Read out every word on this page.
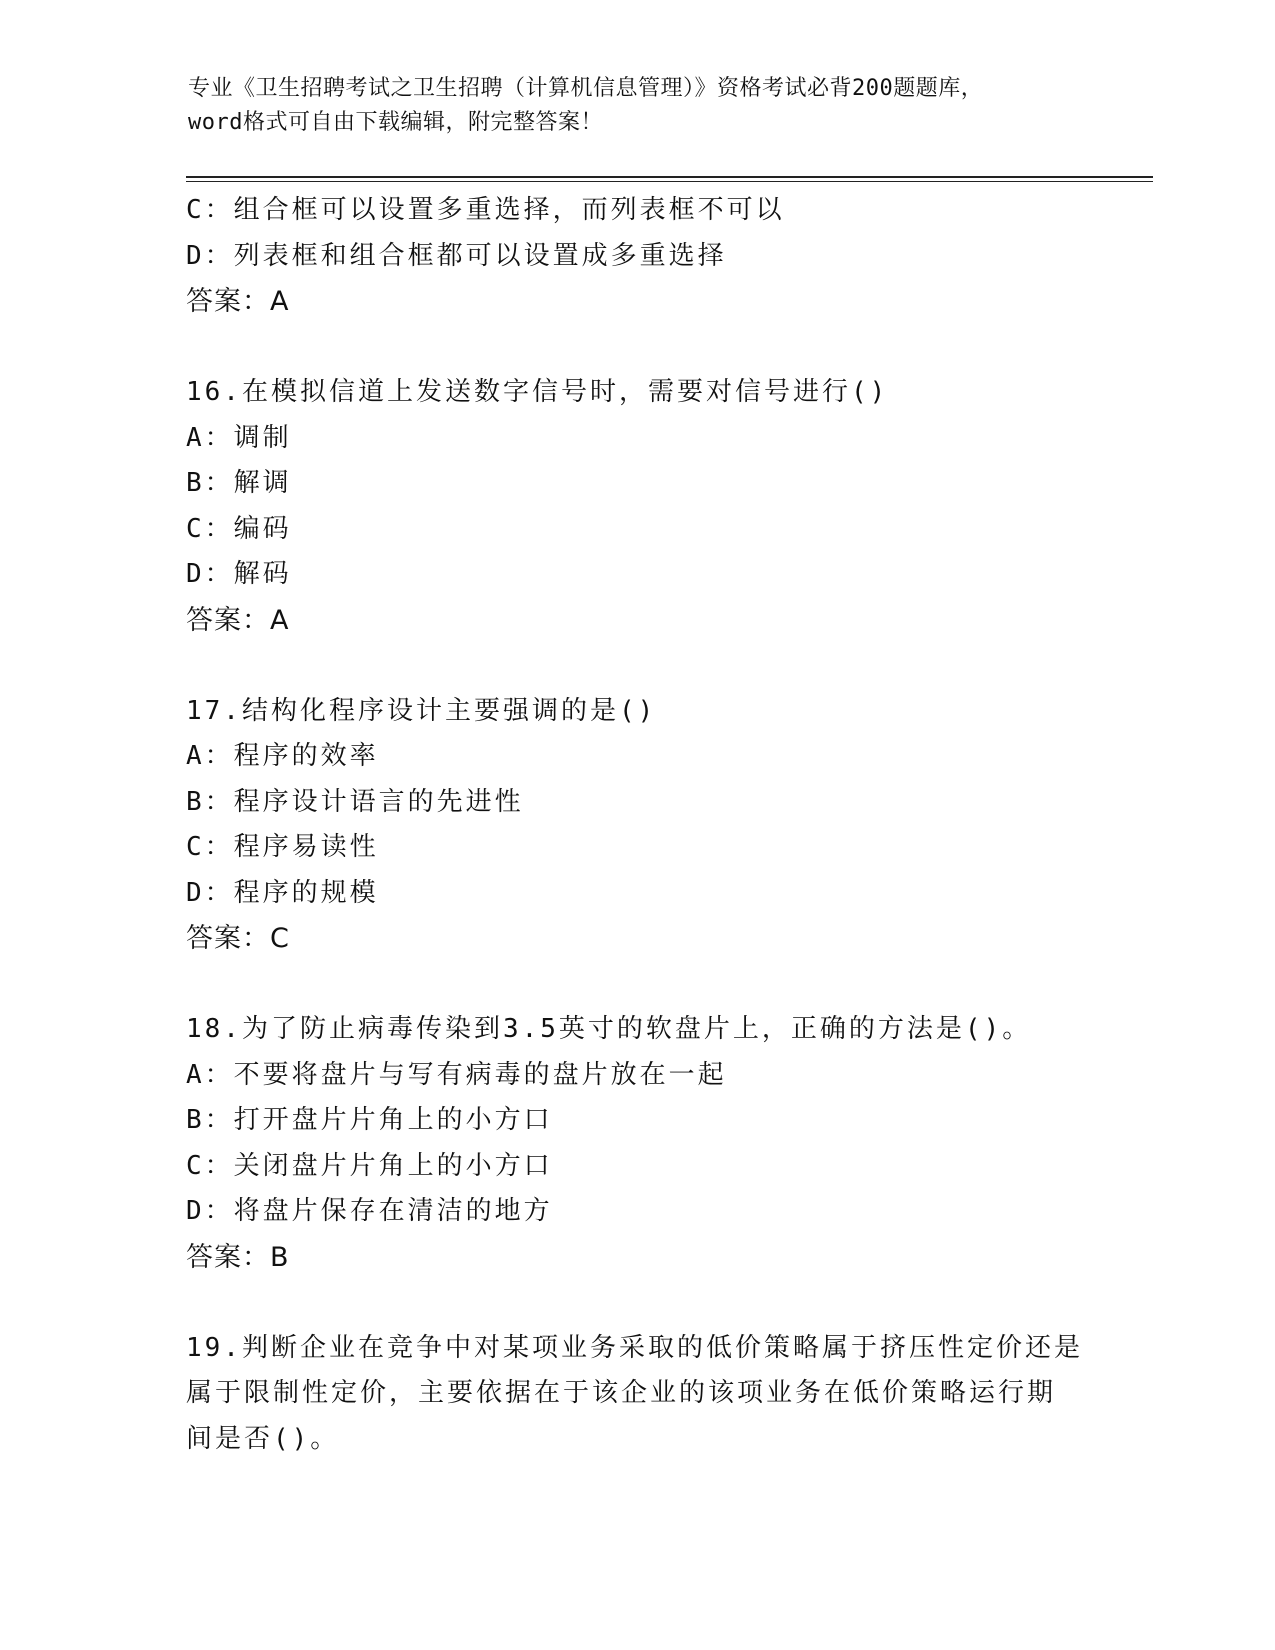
专业《卫生招聘考试之卫生招聘（计算机信息管理）》资格考试必背200题题库，
word格式可自由下载编辑，附完整答案！
C：组合框可以设置多重选择，而列表框不可以
D：列表框和组合框都可以设置成多重选择
答案：A
16.在模拟信道上发送数字信号时，需要对信号进行()
A：调制
B：解调
C：编码
D：解码
答案：A
17.结构化程序设计主要强调的是()
A：程序的效率
B：程序设计语言的先进性
C：程序易读性
D：程序的规模
答案：C
18.为了防止病毒传染到3.5英寸的软盘片上，正确的方法是()。
A：不要将盘片与写有病毒的盘片放在一起
B：打开盘片片角上的小方口
C：关闭盘片片角上的小方口
D：将盘片保存在清洁的地方
答案：B
19.判断企业在竞争中对某项业务采取的低价策略属于挤压性定价还是
属于限制性定价，主要依据在于该企业的该项业务在低价策略运行期
间是否()。
